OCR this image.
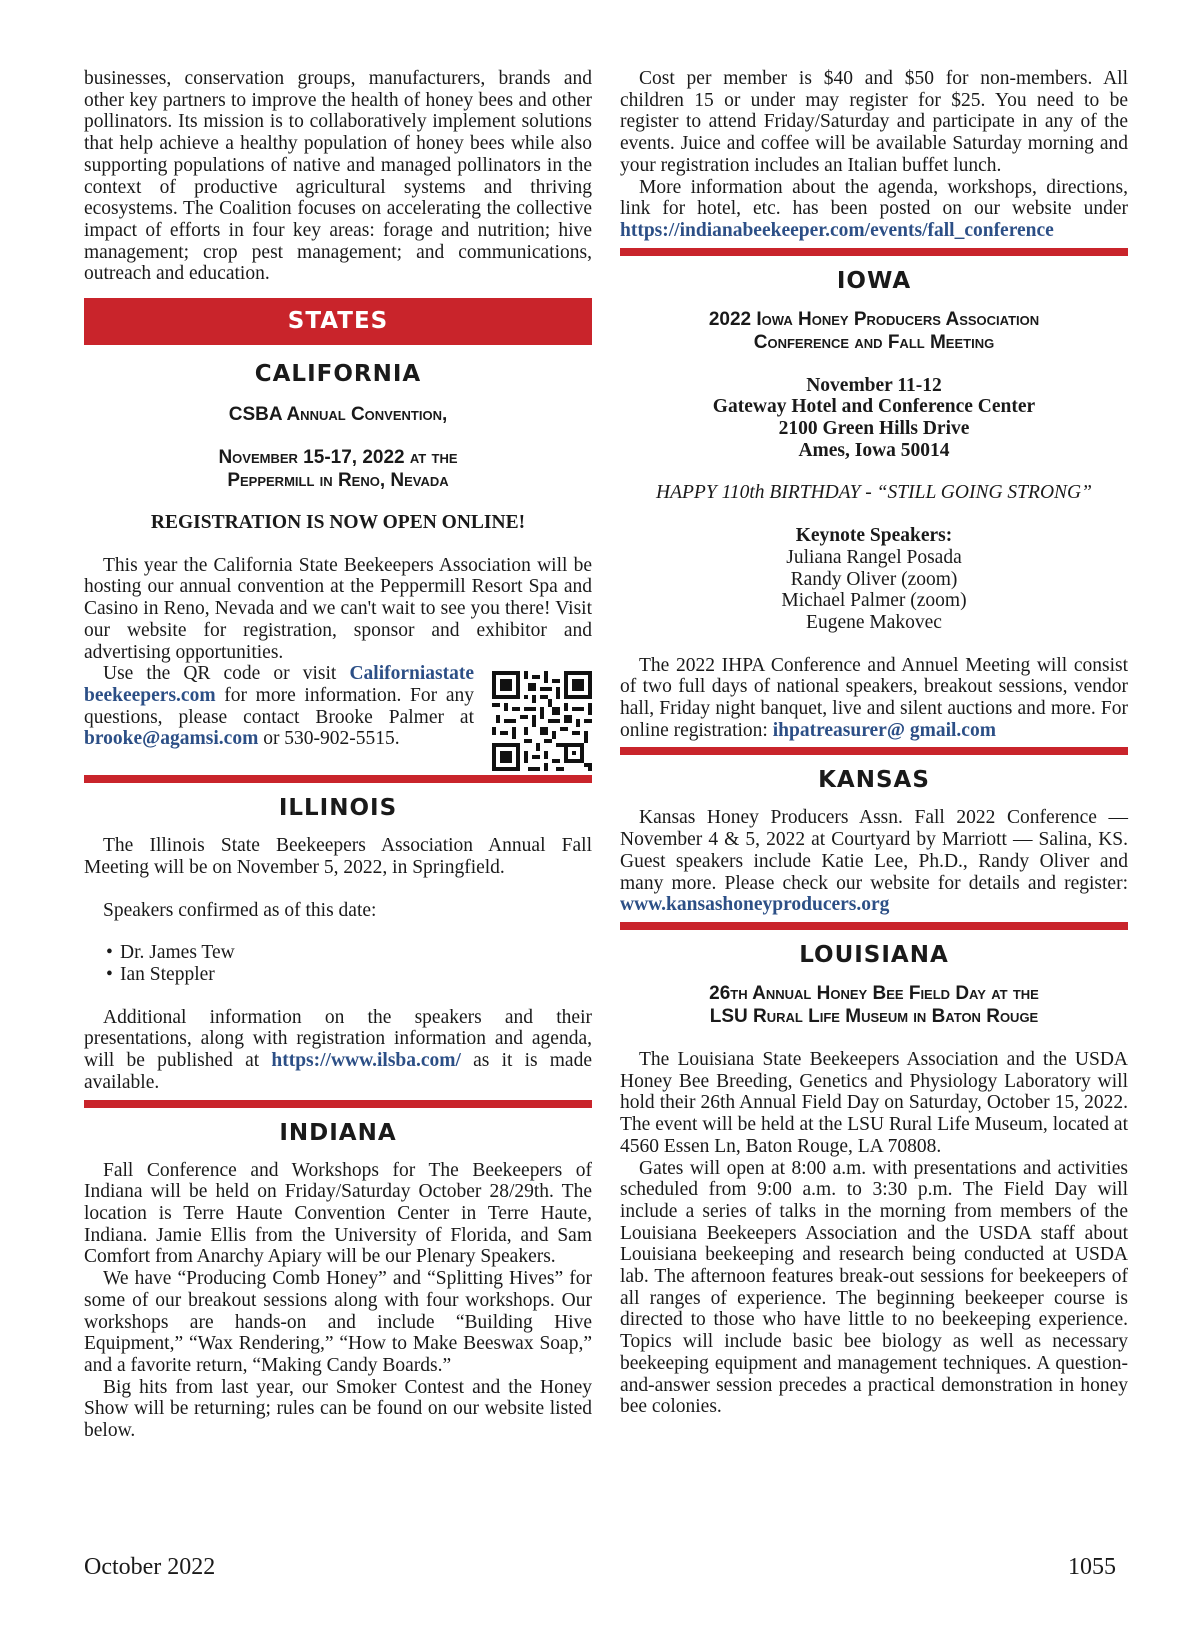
businesses, conservation groups, manufacturers, brands and other key partners to improve the health of honey bees and other pollinators. Its mission is to collaboratively implement solutions that help achieve a healthy population of honey bees while also supporting populations of native and managed pollinators in the context of productive agricultural systems and thriving ecosystems. The Coalition focuses on accelerating the collective impact of efforts in four key areas: forage and nutrition; hive management; crop pest management; and communications, outreach and education.

STATES
CALIFORNIA
CSBA Annual Convention,
November 15-17, 2022 at the
Peppermill in Reno, Nevada
REGISTRATION IS NOW OPEN ONLINE!

This year the California State Beekeepers Association will be hosting our annual convention at the Peppermill Resort Spa and Casino in Reno, Nevada and we can't wait to see you there! Visit our website for registration, sponsor and exhibitor and advertising opportunities.

Use the QR code or visit Californiastate beekeepers.com for more information. For any questions, please contact Brooke Palmer at brooke@agamsi.com or 530-902-5515.

ILLINOIS

The Illinois State Beekeepers Association Annual Fall Meeting will be on November 5, 2022, in Springfield.

Speakers confirmed as of this date:

• Dr. James Tew
• Ian Steppler

Additional information on the speakers and their presentations, along with registration information and agenda, will be published at https://www.ilsba.com/ as it is made available.

INDIANA

Fall Conference and Workshops for The Beekeepers of Indiana will be held on Friday/Saturday October 28/29th. The location is Terre Haute Convention Center in Terre Haute, Indiana. Jamie Ellis from the University of Florida, and Sam Comfort from Anarchy Apiary will be our Plenary Speakers.

We have “Producing Comb Honey” and “Splitting Hives” for some of our breakout sessions along with four workshops. Our workshops are hands-on and include “Building Hive Equipment,” “Wax Rendering,” “How to Make Beeswax Soap,” and a favorite return, “Making Candy Boards.”

Big hits from last year, our Smoker Contest and the Honey Show will be returning; rules can be found on our website listed below.

Cost per member is $40 and $50 for non-members. All children 15 or under may register for $25. You need to be register to attend Friday/Saturday and participate in any of the events. Juice and coffee will be available Saturday morning and your registration includes an Italian buffet lunch.

More information about the agenda, workshops, directions, link for hotel, etc. has been posted on our website under https://indianabeekeeper.com/events/fall_conference

IOWA
2022 Iowa Honey Producers Association
Conference and Fall Meeting
November 11-12
Gateway Hotel and Conference Center
2100 Green Hills Drive
Ames, Iowa 50014
HAPPY 110th BIRTHDAY - “STILL GOING STRONG”
Keynote Speakers:
Juliana Rangel Posada
Randy Oliver (zoom)
Michael Palmer (zoom)
Eugene Makovec

The 2022 IHPA Conference and Annuel Meeting will consist of two full days of national speakers, breakout sessions, vendor hall, Friday night banquet, live and silent auctions and more. For online registration: ihpatreasurer@ gmail.com

KANSAS

Kansas Honey Producers Assn. Fall 2022 Conference — November 4 & 5, 2022 at Courtyard by Marriott — Salina, KS. Guest speakers include Katie Lee, Ph.D., Randy Oliver and many more. Please check our website for details and register: www.kansashoneyproducers.org

LOUISIANA
26th Annual Honey Bee Field Day at the
LSU Rural Life Museum in Baton Rouge

The Louisiana State Beekeepers Association and the USDA Honey Bee Breeding, Genetics and Physiology Laboratory will hold their 26th Annual Field Day on Saturday, October 15, 2022. The event will be held at the LSU Rural Life Museum, located at 4560 Essen Ln, Baton Rouge, LA 70808.

Gates will open at 8:00 a.m. with presentations and activities scheduled from 9:00 a.m. to 3:30 p.m. The Field Day will include a series of talks in the morning from members of the Louisiana Beekeepers Association and the USDA staff about Louisiana beekeeping and research being conducted at USDA lab. The afternoon features break-out sessions for beekeepers of all ranges of experience. The beginning beekeeper course is directed to those who have little to no beekeeping experience. Topics will include basic bee biology as well as necessary beekeeping equipment and management techniques. A question-and-answer session precedes a practical demonstration in honey bee colonies.

October 2022	1055
